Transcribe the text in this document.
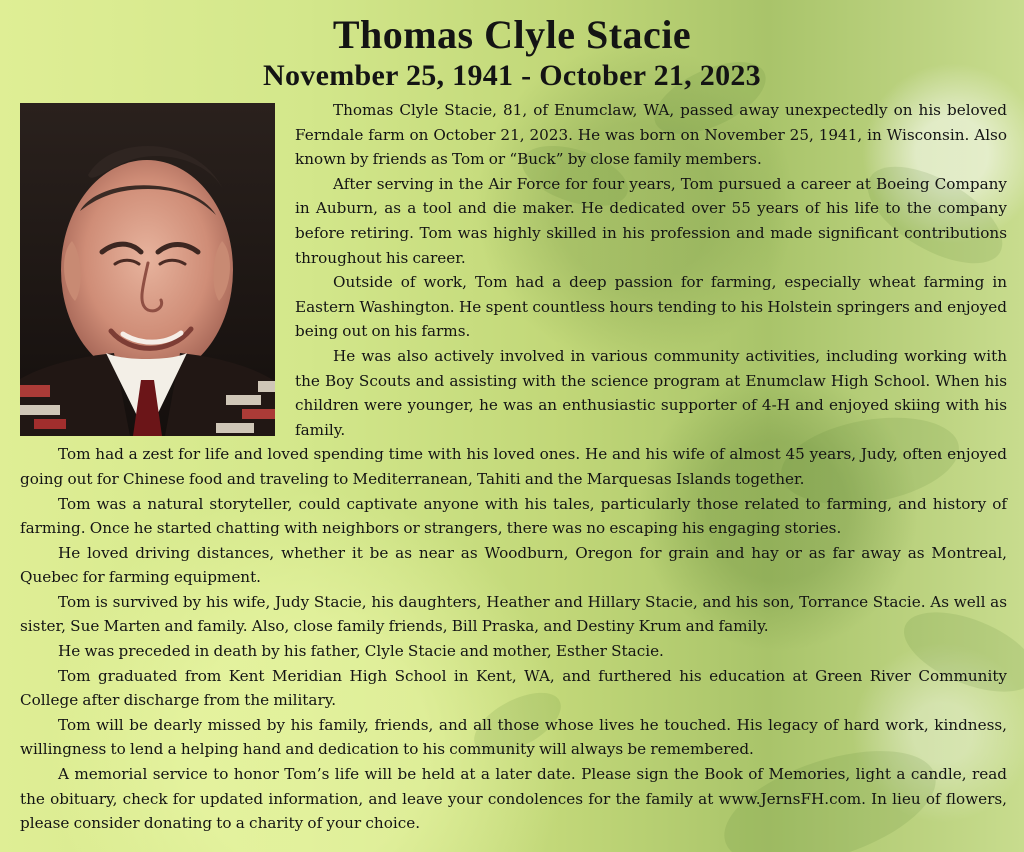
Thomas Clyle Stacie
November 25, 1941 - October 21, 2023

Thomas Clyle Stacie, 81, of Enumclaw, WA, passed away unexpectedly on his beloved Ferndale farm on October 21, 2023. He was born on November 25, 1941, in Wisconsin. Also known by friends as Tom or “Buck” by close family members.

After serving in the Air Force for four years, Tom pursued a career at Boeing Company in Auburn, as a tool and die maker. He dedicated over 55 years of his life to the company before retiring. Tom was highly skilled in his profession and made significant contributions throughout his career.

Outside of work, Tom had a deep passion for farming, especially wheat farming in Eastern Washington. He spent countless hours tending to his Holstein springers and enjoyed being out on his farms.

He was also actively involved in various community activities, including working with the Boy Scouts and assisting with the science program at Enumclaw High School. When his children were younger, he was an enthusiastic supporter of 4-H and enjoyed skiing with his family.

Tom had a zest for life and loved spending time with his loved ones. He and his wife of almost 45 years, Judy, often enjoyed going out for Chinese food and traveling to Mediterranean, Tahiti and the Marquesas Islands together.

Tom was a natural storyteller, could captivate anyone with his tales, particularly those related to farming, and history of farming. Once he started chatting with neighbors or strangers, there was no escaping his engaging stories.

He loved driving distances, whether it be as near as Woodburn, Oregon for grain and hay or as far away as Montreal, Quebec for farming equipment.

Tom is survived by his wife, Judy Stacie, his daughters, Heather and Hillary Stacie, and his son, Torrance Stacie. As well as sister, Sue Marten and family. Also, close family friends, Bill Praska, and Destiny Krum and family.

He was preceded in death by his father, Clyle Stacie and mother, Esther Stacie.

Tom graduated from Kent Meridian High School in Kent, WA, and furthered his education at Green River Community College after discharge from the military.

Tom will be dearly missed by his family, friends, and all those whose lives he touched. His legacy of hard work, kindness, willingness to lend a helping hand and dedication to his community will always be remembered.

A memorial service to honor Tom’s life will be held at a later date. Please sign the Book of Memories, light a candle, read the obituary, check for updated information, and leave your condolences for the family at www.JernsFH.com. In lieu of flowers, please consider donating to a charity of your choice.
